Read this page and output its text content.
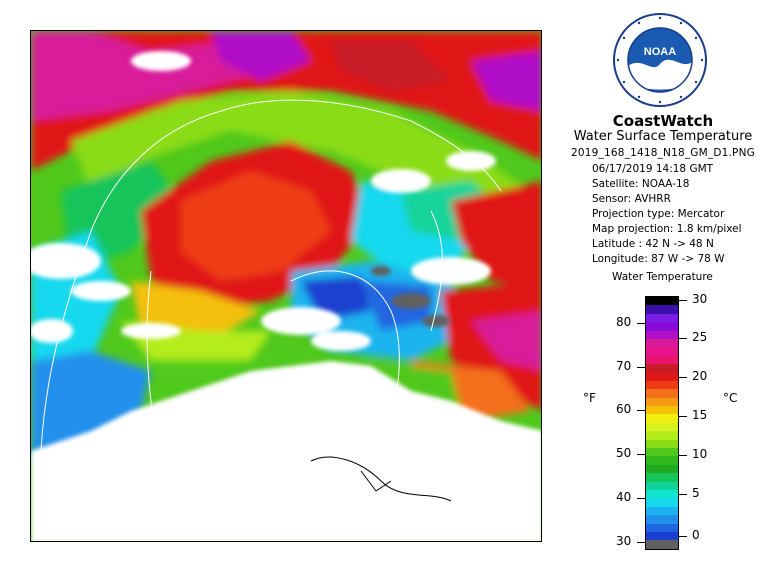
NOAA
CoastWatch
Water Surface Temperature
2019_168_1418_N18_GM_D1.PNG
06/17/2019 14:18 GMT
Satellite: NOAA-18
Sensor: AVHRR
Projection type: Mercator
Map projection: 1.8 km/pixel
Latitude : 42 N -> 48 N
Longitude: 87 W -> 78 W
Water Temperature
80
70
60
50
40
30
30
25
20
15
10
5
0
°F	°C
